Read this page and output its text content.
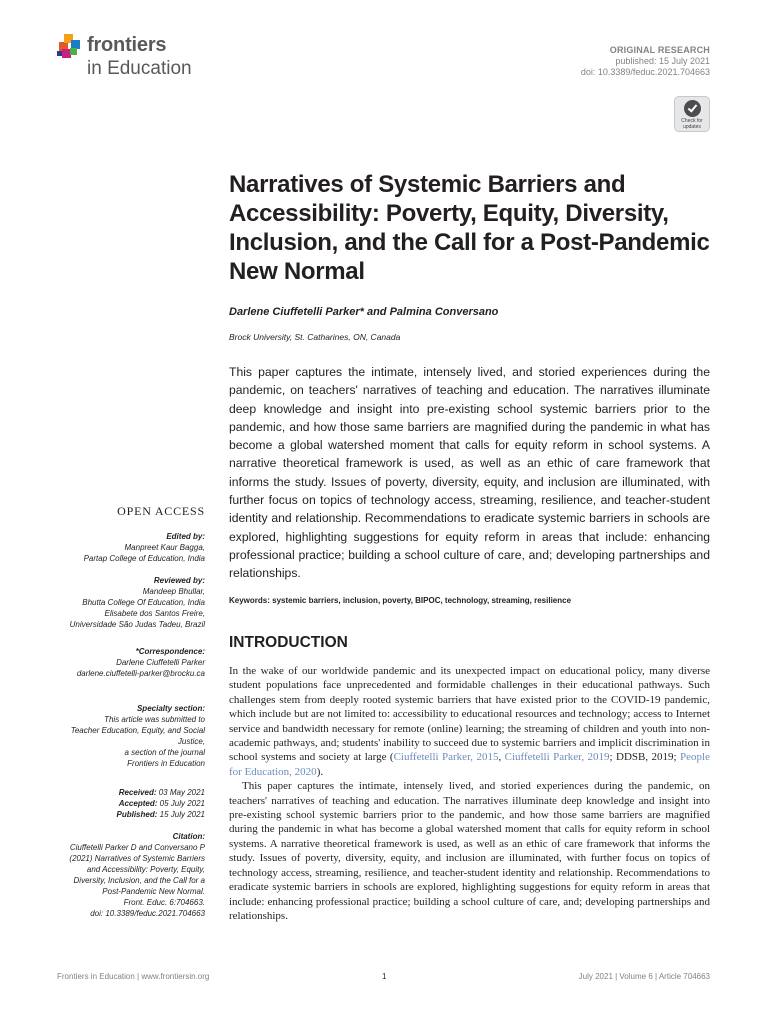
frontiers
in Education
ORIGINAL RESEARCH
published: 15 July 2021
doi: 10.3389/feduc.2021.704663
Check for updates
Narratives of Systemic Barriers and Accessibility: Poverty, Equity, Diversity, Inclusion, and the Call for a Post-Pandemic New Normal
Darlene Ciuffetelli Parker* and Palmina Conversano
Brock University, St. Catharines, ON, Canada
This paper captures the intimate, intensely lived, and storied experiences during the pandemic, on teachers' narratives of teaching and education. The narratives illuminate deep knowledge and insight into pre-existing school systemic barriers prior to the pandemic, and how those same barriers are magnified during the pandemic in what has become a global watershed moment that calls for equity reform in school systems. A narrative theoretical framework is used, as well as an ethic of care framework that informs the study. Issues of poverty, diversity, equity, and inclusion are illuminated, with further focus on topics of technology access, streaming, resilience, and teacher-student identity and relationship. Recommendations to eradicate systemic barriers in schools are explored, highlighting suggestions for equity reform in areas that include: enhancing professional practice; building a school culture of care, and; developing partnerships and relationships.
Keywords: systemic barriers, inclusion, poverty, BIPOC, technology, streaming, resilience
INTRODUCTION

In the wake of our worldwide pandemic and its unexpected impact on educational policy, many diverse student populations face unprecedented and formidable challenges in their educational pathways. Such challenges stem from deeply rooted systemic barriers that have existed prior to the COVID-19 pandemic, which include but are not limited to: accessibility to educational resources and technology; access to Internet service and bandwidth necessary for remote (online) learning; the streaming of children and youth into non-academic pathways, and; students' inability to succeed due to systemic barriers and implicit discrimination in school systems and society at large (Ciuffetelli Parker, 2015, Ciuffetelli Parker, 2019; DDSB, 2019; People for Education, 2020).

This paper captures the intimate, intensely lived, and storied experiences during the pandemic, on teachers' narratives of teaching and education. The narratives illuminate deep knowledge and insight into pre-existing school systemic barriers prior to the pandemic, and how those same barriers are magnified during the pandemic in what has become a global watershed moment that calls for equity reform in school systems. A narrative theoretical framework is used, as well as an ethic of care framework that informs the study. Issues of poverty, diversity, equity, and inclusion are illuminated, with further focus on topics of technology access, streaming, resilience, and teacher-student identity and relationship. Recommendations to eradicate systemic barriers in schools are explored, highlighting suggestions for equity reform in areas that include: enhancing professional practice; building a school culture of care, and; developing partnerships and relationships.

OPEN ACCESS
Edited by:
Manpreet Kaur Bagga,
Partap College of Education, India
Reviewed by:
Mandeep Bhullar,
Bhutta College Of Education, India
Elisabete dos Santos Freire,
Universidade São Judas Tadeu, Brazil
*Correspondence:
Darlene Ciuffetelli Parker
darlene.ciuffetelli-parker@brocku.ca
Specialty section:
This article was submitted to
Teacher Education, Equity, and Social
Justice,
a section of the journal
Frontiers in Education
Received: 03 May 2021
Accepted: 05 July 2021
Published: 15 July 2021
Citation:
Ciuffetelli Parker D and Conversano P
(2021) Narratives of Systemic Barriers
and Accessibility: Poverty, Equity,
Diversity, Inclusion, and the Call for a
Post-Pandemic New Normal.
Front. Educ. 6:704663.
doi: 10.3389/feduc.2021.704663
Frontiers in Education | www.frontiersin.org	1	July 2021 | Volume 6 | Article 704663
